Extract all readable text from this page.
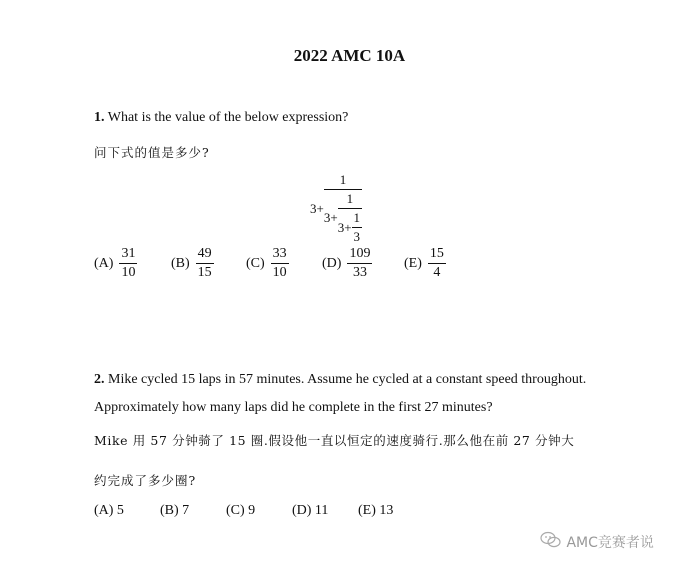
2022 AMC 10A
1. What is the value of the below expression?
问下式的值是多少?
3+
1
$3+ \frac{1}{3+ \frac{1}{3}}$
$(A) \frac{31}{10} (B) \frac{49}{15} (C) \frac{33}{10} (D) \frac{109}{33} (E) \frac{15}{4}$
2. Mike cycled 15 laps in 57 minutes. Assume he cycled at a constant speed throughout.
Approximately how many laps did he complete in the first 27 minutes?
Mike 用 57 分钟骑了 15 圈.假设他一直以恒定的速度骑行.那么他在前 27 分钟大
约完成了多少圈?
(A) 5	(B) 7	(C) 9	(D) 11 (E) 13
AMC竞赛者说
